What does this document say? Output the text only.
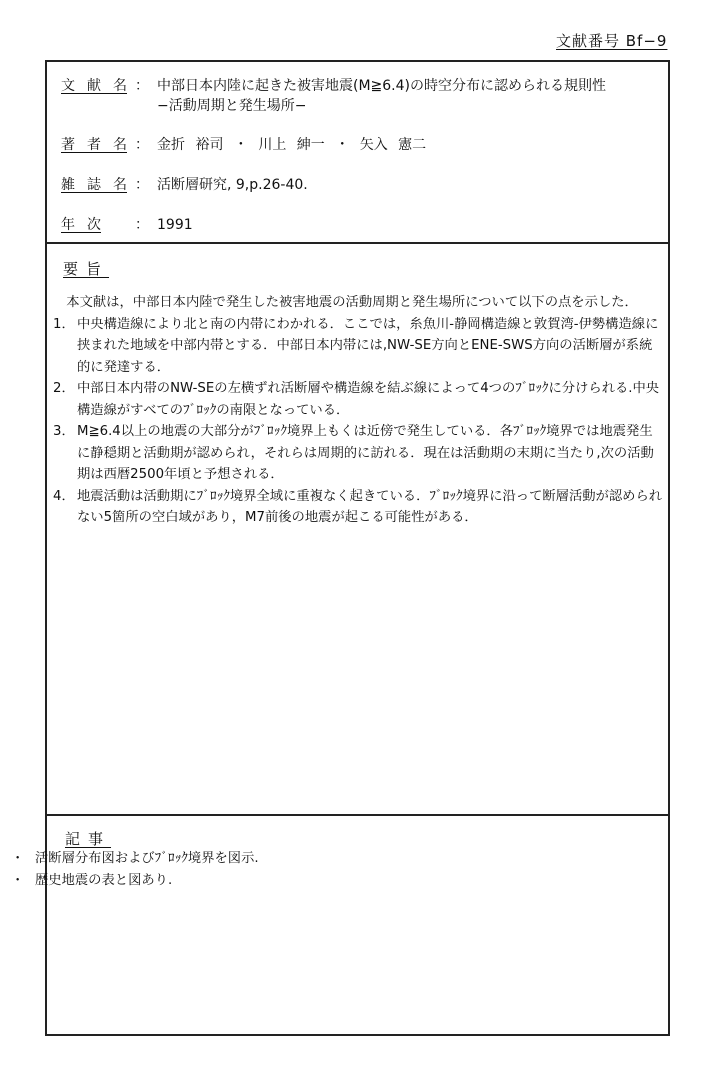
文献番号 Bf−9
文献名 ： 中部日本内陸に起きた被害地震(M≧6.4)の時空分布に認められる規則性
−活動周期と発生場所−
著者名 ： 金折 裕司 ・ 川上 紳一 ・ 矢入 憲二
雑誌名 ： 活断層研究, 9,p.26-40.
年次 ： 1991
要旨

本文献は，中部日本内陸で発生した被害地震の活動周期と発生場所について以下の点を示した．

1． 中央構造線により北と南の内帯にわかれる．ここでは，糸魚川-静岡構造線と敦賀湾-伊勢構造線に挟まれた地域を中部内帯とする．中部日本内帯には,NW-SE方向とENE-SWS方向の活断層が系統的に発達する．

2． 中部日本内帯のNW-SEの左横ずれ活断層や構造線を結ぶ線によって4つのﾌﾞﾛｯｸに分けられる.中央構造線がすべてのﾌﾞﾛｯｸの南限となっている．

3． M≧6.4以上の地震の大部分がﾌﾞﾛｯｸ境界上もくは近傍で発生している．各ﾌﾞﾛｯｸ境界では地震発生に静穏期と活動期が認められ，それらは周期的に訪れる．現在は活動期の末期に当たり,次の活動期は西暦2500年頃と予想される．

4． 地震活動は活動期にﾌﾞﾛｯｸ境界全域に重複なく起きている．ﾌﾞﾛｯｸ境界に沿って断層活動が認められない5箇所の空白域があり，M7前後の地震が起こる可能性がある．

記事
・ 活断層分布図およびﾌﾞﾛｯｸ境界を図示.
・ 歴史地震の表と図あり.
